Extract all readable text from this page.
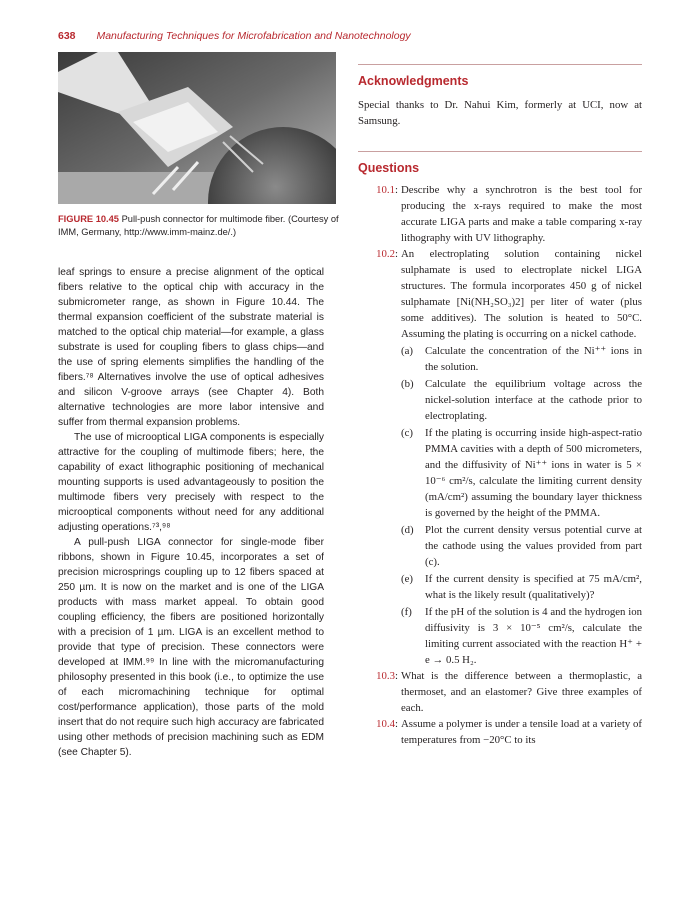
638 Manufacturing Techniques for Microfabrication and Nanotechnology
FIGURE 10.45 Pull-push connector for multimode fiber. (Courtesy of IMM, Germany, http://www.imm-mainz.de/.)

leaf springs to ensure a precise alignment of the optical fibers relative to the optical chip with accuracy in the submicrometer range, as shown in Figure 10.44. The thermal expansion coefficient of the substrate material is matched to the optical chip material—for example, a glass substrate is used for coupling fibers to glass chips—and the use of spring elements simplifies the handling of the fibers.⁷⁸ Alternatives involve the use of optical adhesives and silicon V-groove arrays (see Chapter 4). Both alternative technologies are more labor intensive and suffer from thermal expansion problems.

The use of microoptical LIGA components is especially attractive for the coupling of multimode fibers; here, the capability of exact lithographic positioning of mechanical mounting supports is used advantageously to position the multimode fibers very precisely with respect to the microoptical components without need for any additional adjusting operations.⁷³,⁹⁸

A pull-push LIGA connector for single-mode fiber ribbons, shown in Figure 10.45, incorporates a set of precision microsprings coupling up to 12 fibers spaced at 250 µm. It is now on the market and is one of the LIGA products with mass market appeal. To obtain good coupling efficiency, the fibers are positioned horizontally with a precision of 1 µm. LIGA is an excellent method to provide that type of precision. These connectors were developed at IMM.⁹⁹ In line with the micromanufacturing philosophy presented in this book (i.e., to optimize the use of each micromachining technique for optimal cost/performance application), those parts of the mold insert that do not require such high accuracy are fabricated using other methods of precision machining such as EDM (see Chapter 5).

Acknowledgments

Special thanks to Dr. Nahui Kim, formerly at UCI, now at Samsung.

Questions
10.1: Describe why a synchrotron is the best tool for producing the x-rays required to make the most accurate LIGA parts and make a table comparing x-ray lithography with UV lithography.
10.2: An electroplating solution containing nickel sulphamate is used to electroplate nickel LIGA structures. The formula incorporates 450 g of nickel sulphamate [Ni(NH₂SO₃)2] per liter of water (plus some additives). The solution is heated to 50°C. Assuming the plating is occurring on a nickel cathode.
(a)	Calculate the concentration of the Ni⁺⁺ ions in the solution.
(b)	Calculate the equilibrium voltage across the nickel-solution interface at the cathode prior to electroplating.
(c)	If the plating is occurring inside high-aspect-ratio PMMA cavities with a depth of 500 micrometers, and the diffusivity of Ni⁺⁺ ions in water is 5 × 10⁻⁶ cm²/s, calculate the limiting current density (mA/cm²) assuming the boundary layer thickness is governed by the height of the PMMA.
(d)	Plot the current density versus potential curve at the cathode using the values provided from part (c).
(e)	If the current density is specified at 75 mA/cm², what is the likely result (qualitatively)?
(f)	If the pH of the solution is 4 and the hydrogen ion diffusivity is 3 × 10⁻⁵ cm²/s, calculate the limiting current associated with the reaction H⁺ + e → 0.5 H₂.
10.3: What is the difference between a thermoplastic, a thermoset, and an elastomer? Give three examples of each.
10.4: Assume a polymer is under a tensile load at a variety of temperatures from −20°C to its
